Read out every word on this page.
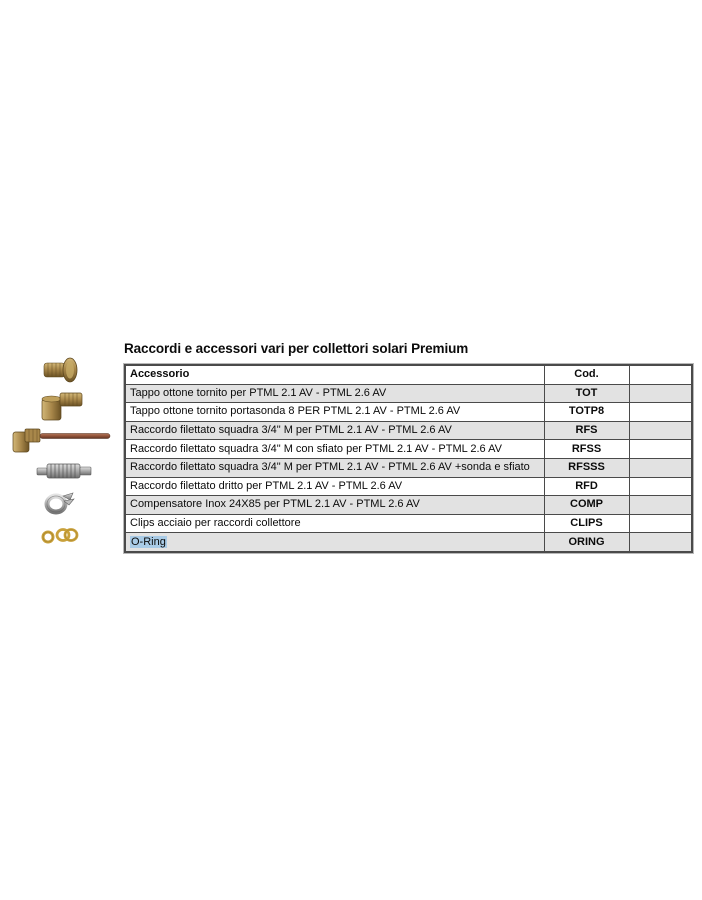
Raccordi e accessori vari per collettori solari Premium
Accessorio	Cod.	
Tappo ottone tornito per PTML 2.1 AV - PTML 2.6 AV	TOT	
Tappo ottone tornito portasonda 8 PER PTML 2.1 AV - PTML 2.6 AV	TOTP8	
Raccordo filettato squadra 3/4" M per PTML 2.1 AV - PTML 2.6 AV	RFS	
Raccordo filettato squadra 3/4" M con sfiato per PTML 2.1 AV - PTML 2.6 AV	RFSS	
Raccordo filettato squadra 3/4" M per PTML 2.1 AV - PTML 2.6 AV +sonda e sfiato	RFSSS	
Raccordo filettato dritto per PTML 2.1 AV - PTML 2.6 AV	RFD	
Compensatore Inox 24X85 per PTML 2.1 AV - PTML 2.6 AV	COMP	
Clips acciaio per raccordi collettore	CLIPS	
O-Ring	ORING	
